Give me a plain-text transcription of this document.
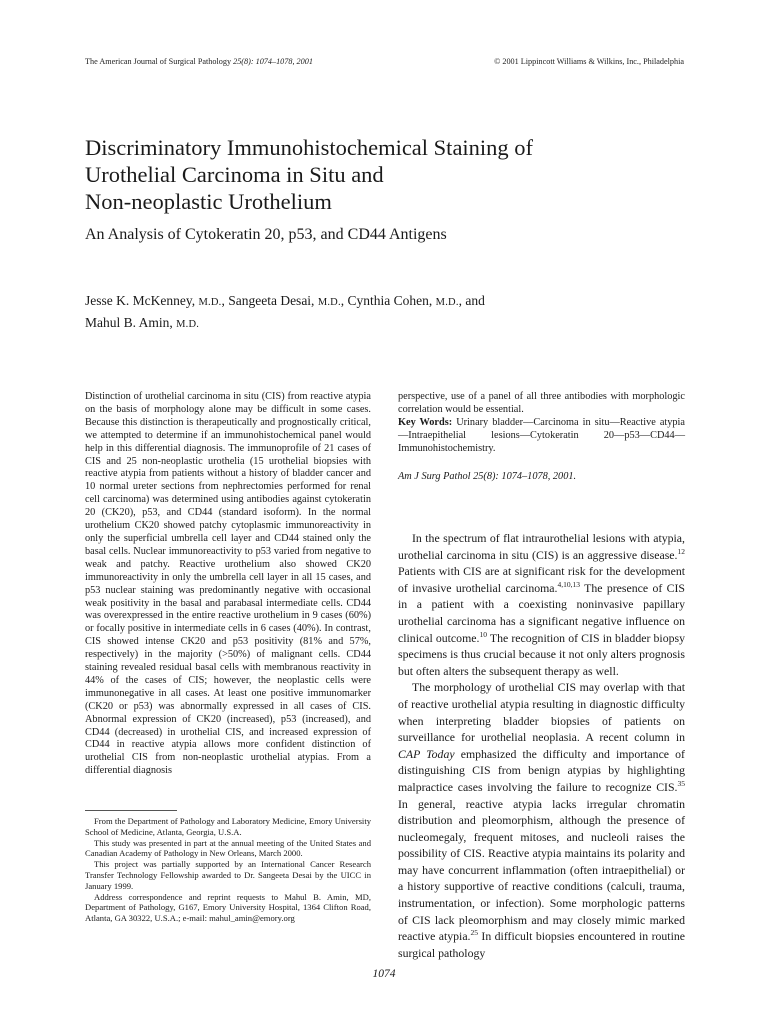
The American Journal of Surgical Pathology 25(8): 1074–1078, 2001	© 2001 Lippincott Williams & Wilkins, Inc., Philadelphia
Discriminatory Immunohistochemical Staining of
Urothelial Carcinoma in Situ and
Non-neoplastic Urothelium
An Analysis of Cytokeratin 20, p53, and CD44 Antigens
Jesse K. McKenney, M.D., Sangeeta Desai, M.D., Cynthia Cohen, M.D., and
Mahul B. Amin, M.D.

Distinction of urothelial carcinoma in situ (CIS) from reactive atypia on the basis of morphology alone may be difficult in some cases. Because this distinction is therapeutically and prognostically critical, we attempted to determine if an immunohistochemical panel would help in this differential diagnosis. The immunoprofile of 21 cases of CIS and 25 non-neoplastic urothelia (15 urothelial biopsies with reactive atypia from patients without a history of bladder cancer and 10 normal ureter sections from nephrectomies performed for renal cell carcinoma) was determined using antibodies against cytokeratin 20 (CK20), p53, and CD44 (standard isoform). In the normal urothelium CK20 showed patchy cytoplasmic immunoreactivity in only the superficial umbrella cell layer and CD44 stained only the basal cells. Nuclear immunoreactivity to p53 varied from negative to weak and patchy. Reactive urothelium also showed CK20 immunoreactivity in only the umbrella cell layer in all 15 cases, and p53 nuclear staining was predominantly negative with occasional weak positivity in the basal and parabasal intermediate cells. CD44 was overexpressed in the entire reactive urothelium in 9 cases (60%) or focally positive in intermediate cells in 6 cases (40%). In contrast, CIS showed intense CK20 and p53 positivity (81% and 57%, respectively) in the majority (>50%) of malignant cells. CD44 staining revealed residual basal cells with membranous reactivity in 44% of the cases of CIS; however, the neoplastic cells were immunonegative in all cases. At least one positive immunomarker (CK20 or p53) was abnormally expressed in all cases of CIS. Abnormal expression of CK20 (increased), p53 (increased), and CD44 (decreased) in urothelial CIS, and increased expression of CD44 in reactive atypia allows more confident distinction of urothelial CIS from non-neoplastic urothelial atypias. From a differential diagnosis

perspective, use of a panel of all three antibodies with morphologic correlation would be essential.

Key Words: Urinary bladder—Carcinoma in situ—Reactive atypia—Intraepithelial lesions—Cytokeratin 20—p53—CD44—Immunohistochemistry.

Am J Surg Pathol 25(8): 1074–1078, 2001.

In the spectrum of flat intraurothelial lesions with atypia, urothelial carcinoma in situ (CIS) is an aggressive disease.$^{12}$ Patients with CIS are at significant risk for the development of invasive urothelial carcinoma.$^{4,10,13}$ The presence of CIS in a patient with a coexisting noninvasive papillary urothelial carcinoma has a significant negative influence on clinical outcome.$^{10}$ The recognition of CIS in bladder biopsy specimens is thus crucial because it not only alters prognosis but often alters the subsequent therapy as well.

The morphology of urothelial CIS may overlap with that of reactive urothelial atypia resulting in diagnostic difficulty when interpreting bladder biopsies of patients on surveillance for urothelial neoplasia. A recent column in CAP Today emphasized the difficulty and importance of distinguishing CIS from benign atypias by highlighting malpractice cases involving the failure to recognize CIS.$^{35}$ In general, reactive atypia lacks irregular chromatin distribution and pleomorphism, although the presence of nucleomegaly, frequent mitoses, and nucleoli raises the possibility of CIS. Reactive atypia maintains its polarity and may have concurrent inflammation (often intraepithelial) or a history supportive of reactive conditions (calculi, trauma, instrumentation, or infection). Some morphologic patterns of CIS lack pleomorphism and may closely mimic marked reactive atypia.$^{25}$ In difficult biopsies encountered in routine surgical pathology

From the Department of Pathology and Laboratory Medicine, Emory University School of Medicine, Atlanta, Georgia, U.S.A.

This study was presented in part at the annual meeting of the United States and Canadian Academy of Pathology in New Orleans, March 2000.

This project was partially supported by an International Cancer Research Transfer Technology Fellowship awarded to Dr. Sangeeta Desai by the UICC in January 1999.

Address correspondence and reprint requests to Mahul B. Amin, MD, Department of Pathology, G167, Emory University Hospital, 1364 Clifton Road, Atlanta, GA 30322, U.S.A.; e-mail: mahul_amin@emory.org

1074
